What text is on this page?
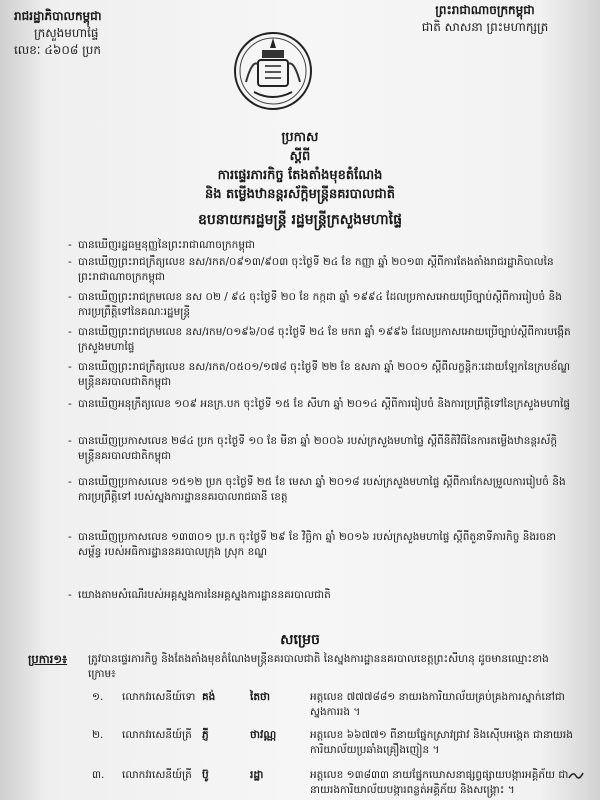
រាជរដ្ឋាភិបាលកម្ពុជា
ក្រសួងមហាផ្ទៃ
លេខៈ ៤៦០៨ ប្រក
ព្រះរាជាណាចក្រកម្ពុជា
ជាតិ សាសនា ព្រះមហាក្សត្រ
ប្រកាស
ស្តីពី
ការផ្ទេរភារកិច្ច តែងតាំងមុខតំណែង
និង តម្លើងឋានន្តរស័ក្តិមន្ត្រីនគរបាលជាតិ
ឧបនាយករដ្ឋមន្ត្រី រដ្ឋមន្ត្រីក្រសួងមហាផ្ទៃ
- បានឃើញរដ្ឋធម្មនុញ្ញនៃព្រះរាជាណាចក្រកម្ពុជា
- បានឃើញព្រះរាជក្រឹត្យលេខ នស/រកត/០៩១៣/៩០៣ ចុះថ្ងៃទី ២៤ ខែ កញ្ញា ឆ្នាំ ២០១៣ ស្តីពីការតែងតាំងរាជរដ្ឋាភិបាលនៃព្រះរាជាណាចក្រកម្ពុជា
- បានឃើញព្រះរាជក្រមលេខ នស ០២ / ៩៤ ចុះថ្ងៃទី ២០ ខែ កក្កដា ឆ្នាំ ១៩៩៤ ដែលប្រកាសអោយប្រើច្បាប់ស្តីពីការរៀបចំ និងការប្រព្រឹត្តិទៅនៃគណៈរដ្ឋមន្ត្រី
- បានឃើញព្រះរាជក្រមលេខ នស/រកម/០១៩៦/០៨ ចុះថ្ងៃទី ២៤ ខែ មករា ឆ្នាំ ១៩៩៦ ដែលប្រកាសអោយប្រើច្បាប់ស្តីពីការបង្កើតក្រសួងមហាផ្ទៃ
- បានឃើញព្រះរាជក្រឹត្យលេខ នស/រកត/០៥០១/១៧៨ ចុះថ្ងៃទី ២២ ខែ ឧសភា ឆ្នាំ ២០០១ ស្តីពីលក្ខន្តិកៈដោយឡែកនៃក្របខ័ណ្ឌមន្ត្រីនគរបាលជាតិកម្ពុជា
- បានឃើញអនុក្រឹត្យលេខ ១០៩ អនក្រ.បក ចុះថ្ងៃទី ១៥ ខែ សីហា ឆ្នាំ ២០១៤ ស្តីពីការរៀបចំ និងការប្រព្រឹត្តិទៅនៃក្រសួងមហាផ្ទៃ
- បានឃើញប្រកាសលេខ ២៨៤ ប្រក ចុះថ្ងៃទី ១០ ខែ មីនា ឆ្នាំ ២០០៦ របស់ក្រសួងមហាផ្ទៃ ស្តីពីនីតិវិធីនៃការតម្លើងឋានន្តរស័ក្តិមន្ត្រីនគរបាលជាតិកម្ពុជា
- បានឃើញប្រកាសលេខ ១៥១២ ប្រក ចុះថ្ងៃទី ២៥ ខែ មេសា ឆ្នាំ ២០១៨ របស់ក្រសួងមហាផ្ទៃ ស្តីពីការកែសម្រួលការរៀបចំ និងការប្រព្រឹត្តិទៅ របស់ស្នងការដ្ឋាននគរបាលរាជធានី ខេត្ត
- បានឃើញប្រកាសលេខ ១៣៣០១ ប្រ.ក ចុះថ្ងៃទី ២៩ ខែ វិច្ឆិកា ឆ្នាំ ២០១៦ របស់ក្រសួងមហាផ្ទៃ ស្តីពីតួនាទីភារកិច្ច និងរចនាសម្ព័ន្ធ របស់អធិការដ្ឋាននគរបាលក្រុង ស្រុក ខណ្ឌ
- យោងតាមសំណើរបស់អគ្គស្នងការនៃអគ្គស្នងការដ្ឋាននគរបាលជាតិ
សម្រេច
ប្រការ១៖ ត្រូវបានផ្ទេរភារកិច្ច និងតែងតាំងមុខតំណែងមន្ត្រីនគរបាលជាតិ នៃស្នងការដ្ឋាននគរបាលខេត្តព្រះសីហនុ ដូចមានឈ្មោះខាងក្រោម៖
១.	លោកវរសេនីយ៍ទោ គង់	តៃថា	អត្តលេខ ៧៧៧៨៨១ នាយរងការិយាល័យគ្រប់គ្រងការស្នាក់នៅជាស្នងការរង ។
២.	លោកវរសេនីយ៍ត្រី ភ្ញី	ថាវណ្ណ	អត្តលេខ ៦៦៧៧១ ពីនាយផ្នែកស្រាវជ្រាវ និងស៊ើបអង្កេត ជានាយរងការិយាល័យប្រឆាំងគ្រឿងញៀន ។
៣.	លោកវរសេនីយ៍ត្រី ប៊ូ	រដ្ឋា	អត្តលេខ ១៣៨៣៣ នាយផ្នែកឃោសនាផ្សព្វផ្សាយបង្ការអគ្គិភ័យ ជានាយរងការិយាល័យបង្ការពន្លត់អគ្គិភ័យ និងសង្គ្រោះ ។
